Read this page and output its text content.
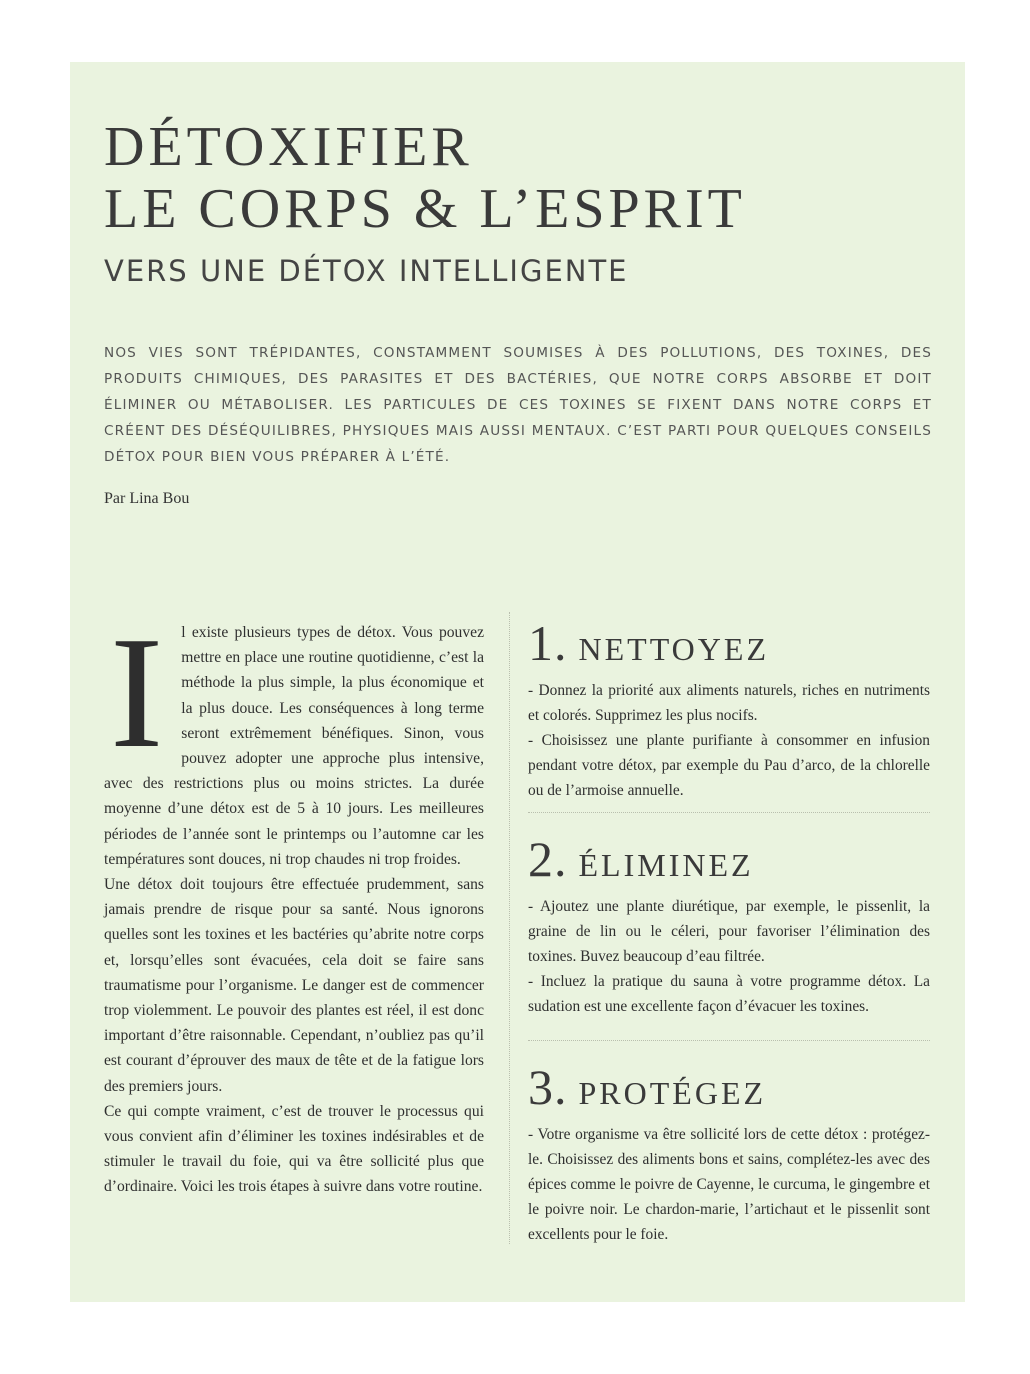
DÉTOXIFIER
LE CORPS & L’ESPRIT
VERS UNE DÉTOX INTELLIGENTE

NOS VIES SONT TRÉPIDANTES, CONSTAMMENT SOUMISES À DES POLLUTIONS, DES TOXINES, DES PRODUITS CHIMIQUES, DES PARASITES ET DES BACTÉRIES, QUE NOTRE CORPS ABSORBE ET DOIT ÉLIMINER OU MÉTABOLISER. LES PARTICULES DE CES TOXINES SE FIXENT DANS NOTRE CORPS ET CRÉENT DES DÉSÉQUILIBRES, PHYSIQUES MAIS AUSSI MENTAUX. C’EST PARTI POUR QUELQUES CONSEILS DÉTOX POUR BIEN VOUS PRÉPARER À L’ÉTÉ.

Par Lina Bou

I	l existe plusieurs types de détox. Vous pouvez mettre en place une routine quotidienne, c’est la méthode la plus simple, la plus économique et la plus douce. Les conséquences à long terme seront extrêmement bénéfiques. Sinon, vous pouvez adopter une approche plus intensive, avec des restrictions plus ou moins strictes. La durée moyenne d’une détox est de 5 à 10 jours. Les meilleures périodes de l’année sont le printemps ou l’automne car les températures sont douces, ni trop chaudes ni trop froides.

Une détox doit toujours être effectuée prudemment, sans jamais prendre de risque pour sa santé. Nous ignorons quelles sont les toxines et les bactéries qu’abrite notre corps et, lorsqu’elles sont évacuées, cela doit se faire sans traumatisme pour l’organisme. Le danger est de commencer trop violemment. Le pouvoir des plantes est réel, il est donc important d’être raisonnable. Cependant, n’oubliez pas qu’il est courant d’éprouver des maux de tête et de la fatigue lors des premiers jours.

Ce qui compte vraiment, c’est de trouver le processus qui vous convient afin d’éliminer les toxines indésirables et de stimuler le travail du foie, qui va être sollicité plus que d’ordinaire. Voici les trois étapes à suivre dans votre routine.

1. NETTOYEZ

- Donnez la priorité aux aliments naturels, riches en nutriments et colorés. Supprimez les plus nocifs.

- Choisissez une plante purifiante à consommer en infusion pendant votre détox, par exemple du Pau d’arco, de la chlorelle ou de l’armoise annuelle.

2. ÉLIMINEZ

- Ajoutez une plante diurétique, par exemple, le pissenlit, la graine de lin ou le céleri, pour favoriser l’élimination des toxines. Buvez beaucoup d’eau filtrée.

- Incluez la pratique du sauna à votre programme détox. La sudation est une excellente façon d’évacuer les toxines.

3. PROTÉGEZ

- Votre organisme va être sollicité lors de cette détox : protégez-le. Choisissez des aliments bons et sains, complétez-les avec des épices comme le poivre de Cayenne, le curcuma, le gingembre et le poivre noir. Le chardon-marie, l’artichaut et le pissenlit sont excellents pour le foie.
